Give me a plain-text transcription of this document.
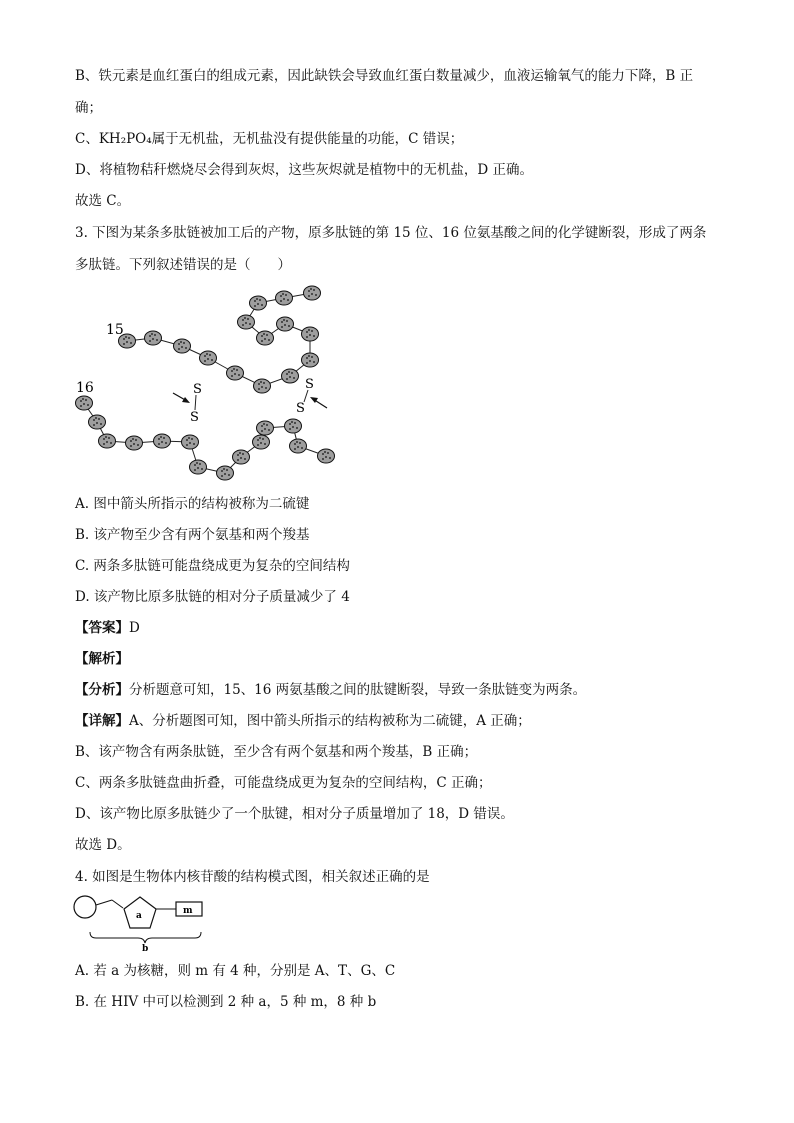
B、铁元素是血红蛋白的组成元素，因此缺铁会导致血红蛋白数量减少，血液运输氧气的能力下降，B 正

确；

C、KH₂PO₄属于无机盐，无机盐没有提供能量的功能，C 错误；

D、将植物秸秆燃烧尽会得到灰烬，这些灰烬就是植物中的无机盐，D 正确。

故选 C。

3. 下图为某条多肽链被加工后的产物，原多肽链的第 15 位、16 位氨基酸之间的化学键断裂，形成了两条

多肽链。下列叙述错误的是（　　）

S
S
S
S
15
16

A. 图中箭头所指示的结构被称为二硫键

B. 该产物至少含有两个氨基和两个羧基

C. 两条多肽链可能盘绕成更为复杂的空间结构

D. 该产物比原多肽链的相对分子质量减少了 4

【答案】D

【解析】

【分析】分析题意可知，15、16 两氨基酸之间的肽键断裂，导致一条肽链变为两条。

【详解】A、分析题图可知，图中箭头所指示的结构被称为二硫键，A 正确；

B、该产物含有两条肽链，至少含有两个氨基和两个羧基，B 正确；

C、两条多肽链盘曲折叠，可能盘绕成更为复杂的空间结构，C 正确；

D、该产物比原多肽链少了一个肽键，相对分子质量增加了 18，D 错误。

故选 D。

4. 如图是生物体内核苷酸的结构模式图，相关叙述正确的是

a	m
b

A. 若 a 为核糖，则 m 有 4 种，分别是 A、T、G、C

B. 在 HIV 中可以检测到 2 种 a，5 种 m，8 种 b
